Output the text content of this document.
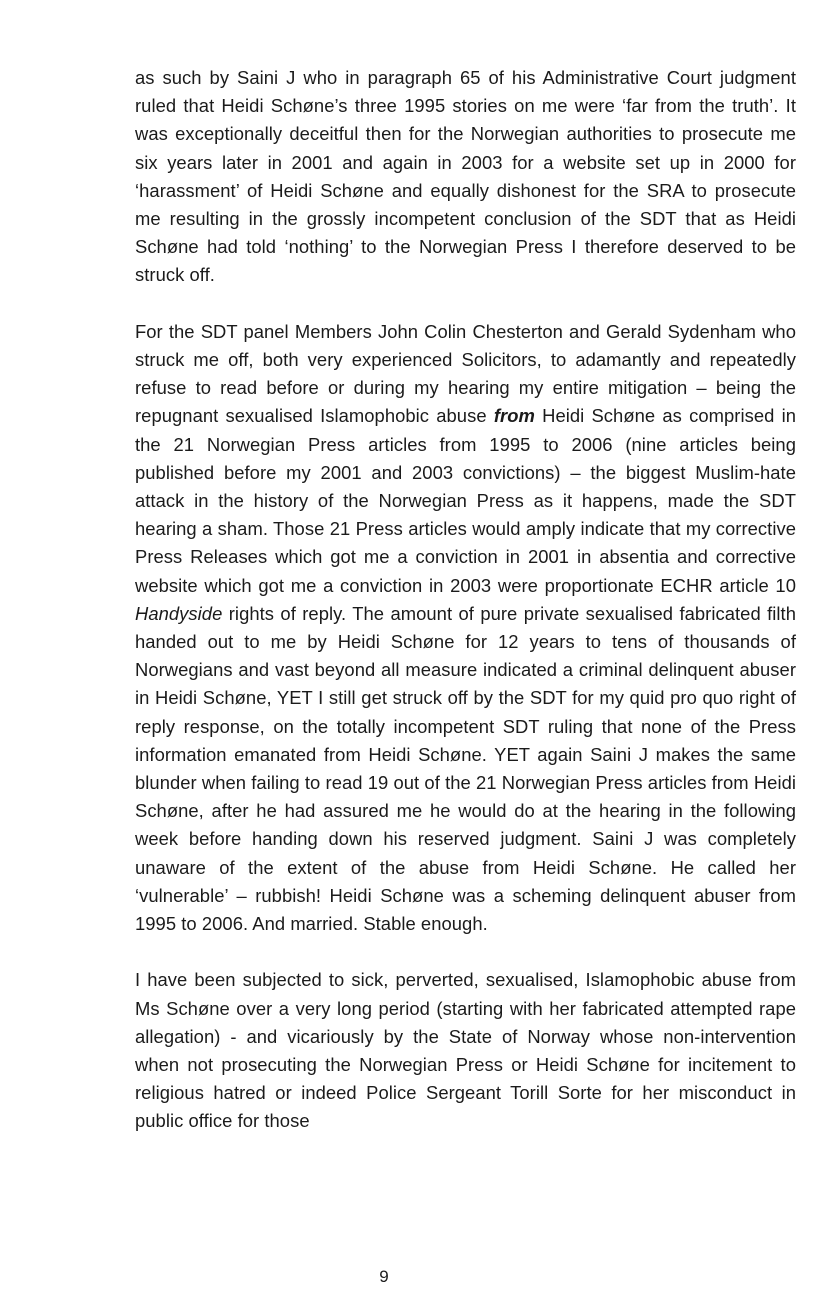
as such by Saini J who in paragraph 65 of his Administrative Court judgment ruled that Heidi Schøne’s three 1995 stories on me were ‘far from the truth’. It was exceptionally deceitful then for the Norwegian authorities to prosecute me six years later in 2001 and again in 2003 for a website set up in 2000 for ‘harassment’ of Heidi Schøne and equally dishonest for the SRA to prosecute me resulting in the grossly incompetent conclusion of the SDT that as Heidi Schøne had told ‘nothing’ to the Norwegian Press I therefore deserved to be struck off.

For the SDT panel Members John Colin Chesterton and Gerald Sydenham who struck me off, both very experienced Solicitors, to adamantly and repeatedly refuse to read before or during my hearing my entire mitigation – being the repugnant sexualised Islamophobic abuse from Heidi Schøne as comprised in the 21 Norwegian Press articles from 1995 to 2006 (nine articles being published before my 2001 and 2003 convictions) – the biggest Muslim-hate attack in the history of the Norwegian Press as it happens, made the SDT hearing a sham. Those 21 Press articles would amply indicate that my corrective Press Releases which got me a conviction in 2001 in absentia and corrective website which got me a conviction in 2003 were proportionate ECHR article 10 Handyside rights of reply. The amount of pure private sexualised fabricated filth handed out to me by Heidi Schøne for 12 years to tens of thousands of Norwegians and vast beyond all measure indicated a criminal delinquent abuser in Heidi Schøne, YET I still get struck off by the SDT for my quid pro quo right of reply response, on the totally incompetent SDT ruling that none of the Press information emanated from Heidi Schøne. YET again Saini J makes the same blunder when failing to read 19 out of the 21 Norwegian Press articles from Heidi Schøne, after he had assured me he would do at the hearing in the following week before handing down his reserved judgment. Saini J was completely unaware of the extent of the abuse from Heidi Schøne. He called her ‘vulnerable’ – rubbish! Heidi Schøne was a scheming delinquent abuser from 1995 to 2006. And married. Stable enough.

I have been subjected to sick, perverted, sexualised, Islamophobic abuse from Ms Schøne over a very long period (starting with her fabricated attempted rape allegation) - and vicariously by the State of Norway whose non-intervention when not prosecuting the Norwegian Press or Heidi Schøne for incitement to religious hatred or indeed Police Sergeant Torill Sorte for her misconduct in public office for those

9
